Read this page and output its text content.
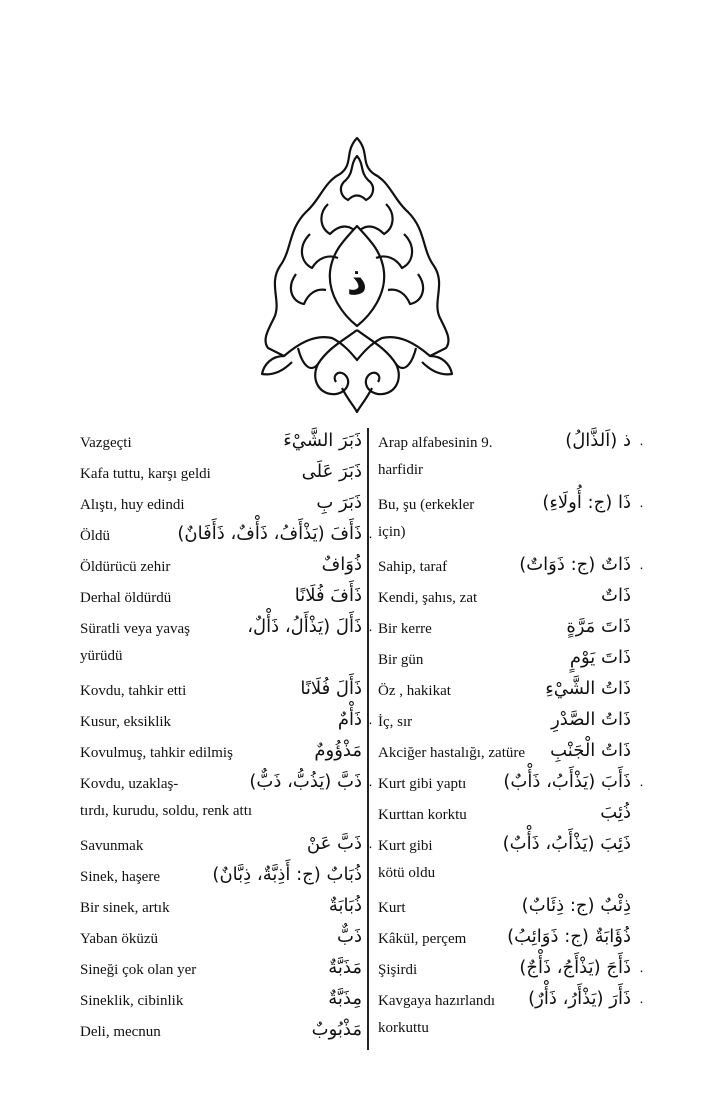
ذ
Vazgeçti	ذَبَرَ الشَّيْءَ
Kafa tuttu, karşı geldi	ذَبَرَ عَلَى
Alıştı, huy edindi	ذَبَرَ بِ
Öldü	ذَأَفَ (يَذْأَفُ، ذَأْفٌ، ذَأَفَانٌ) ۰
Öldürücü zehir	ذُوَافٌ
Derhal öldürdü	ذَأَفَ فُلَانًا
Süratli veya yavaş	ذَأَلَ (يَذْأَلُ، ذَأْلٌ، ۰
yürüdü
Kovdu, tahkir etti	ذَأَلَ فُلَانًا
Kusur, eksiklik	ذَأْمٌ ۰
Kovulmuş, tahkir edilmiş	مَذْؤُومٌ
Kovdu, uzaklaş-	ذَبَّ (يَذُبُّ، ذَبٌّ) ۰
tırdı, kurudu, soldu, renk attı
Savunmak	ذَبَّ عَنْ ۰
Sinek, haşere	ذُبَابٌ (ج: أَذِبَّةٌ، ذِبَّانٌ)
Bir sinek, artık	ذُبَابَةٌ
Yaban öküzü	ذَبٌّ
Sineği çok olan yer	مَذَبَّةٌ
Sineklik, cibinlik	مِذَبَّةٌ
Deli, mecnun	مَذْبُوبٌ
Arap alfabesinin 9.	ذ (اَلذَّالُ) ۰
harfidir
Bu, şu (erkekler	ذَا (ج: أُولَاءِ) ۰
için)
Sahip, taraf	ذَاتٌ (ج: ذَوَاتٌ) ۰
Kendi, şahıs, zat	ذَاتٌ
Bir kerre	ذَاتَ مَرَّةٍ
Bir gün	ذَاتَ يَوْمٍ
Öz , hakikat	ذَاتُ الشَّيْءِ
İç, sır	ذَاتُ الصَّدْرِ
Akciğer hastalığı, zatüre ذَاتُ الْجَنْبِ
Kurt gibi yaptı ذَأَبَ (يَذْأَبُ، ذَأْبٌ) ۰
Kurttan korktu	ذُئِبَ
Kurt gibi	ذَئِبَ (يَذْأَبُ، ذَأْبٌ)
kötü oldu
Kurt	ذِئْبٌ (ج: ذِئَابٌ)
Kâkül, perçem ذُؤَابَةٌ (ج: ذَوَائِبُ)
Şişirdi	ذَأَجَ (يَذْأَجُ، ذَأْجٌ) ۰
Kavgaya hazırlandı ذَأَرَ (يَذْأَرُ، ذَأْرٌ) ۰
korkuttu
